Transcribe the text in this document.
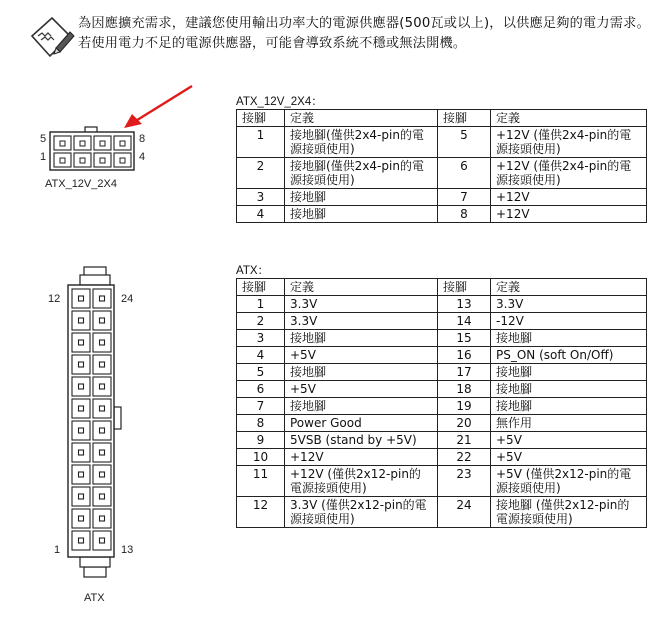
為因應擴充需求，建議您使用輸出功率大的電源供應器(500瓦或以上)，以供應足夠的電力需求。若使用電力不足的電源供應器，可能會導致系統不穩或無法開機。
5	8
1	4
ATX_12V_2X4
12	24
1	13
ATX
ATX_12V_2X4：
接腳	定義	接腳	定義
1	接地腳(僅供2x4-pin的電源接頭使用)	5	+12V (僅供2x4-pin的電源接頭使用)
2	接地腳(僅供2x4-pin的電源接頭使用)	6	+12V (僅供2x4-pin的電源接頭使用)
3	接地腳	7	+12V
4	接地腳	8	+12V
ATX：
接腳	定義	接腳	定義
1	3.3V	13	3.3V
2	3.3V	14	-12V
3	接地腳	15	接地腳
4	+5V	16	PS_ON (soft On/Off)
5	接地腳	17	接地腳
6	+5V	18	接地腳
7	接地腳	19	接地腳
8	Power Good	20	無作用
9	5VSB (stand by +5V)	21	+5V
10	+12V	22	+5V
11	+12V (僅供2x12-pin的電源接頭使用)	23	+5V (僅供2x12-pin的電源接頭使用)
12	3.3V (僅供2x12-pin的電源接頭使用)	24	接地腳 (僅供2x12-pin的電源接頭使用)
